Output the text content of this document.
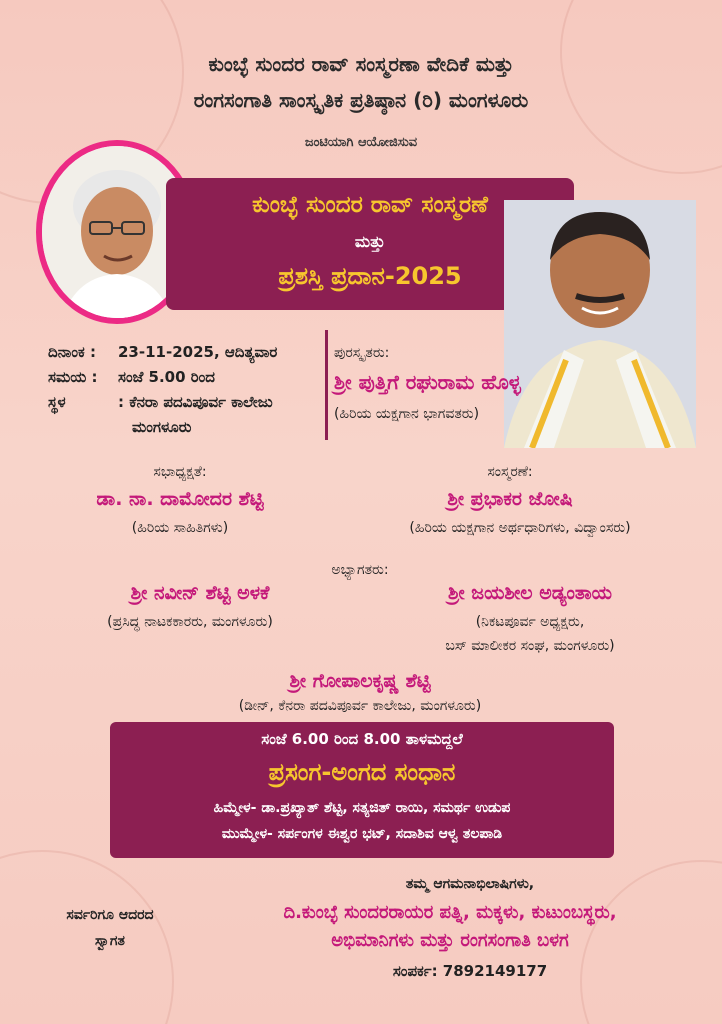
ಕುಂಬ್ಳೆ ಸುಂದರ ರಾವ್ ಸಂಸ್ಮರಣಾ ವೇದಿಕೆ ಮತ್ತು
ರಂಗಸಂಗಾತಿ ಸಾಂಸ್ಕೃತಿಕ ಪ್ರತಿಷ್ಠಾನ (ರಿ) ಮಂಗಳೂರು
ಜಂಟಿಯಾಗಿ ಆಯೋಜಿಸುವ
ಕುಂಬ್ಳೆ ಸುಂದರ ರಾವ್ ಸಂಸ್ಮರಣೆ
ಮತ್ತು
ಪ್ರಶಸ್ತಿ ಪ್ರದಾನ-2025
ದಿನಾಂಕ : 23-11-2025, ಆದಿತ್ಯವಾರ
ಸಮಯ : ಸಂಜೆ 5.00 ರಿಂದ
ಸ್ಥಳ	: ಕೆನರಾ ಪದವಿಪೂರ್ವ ಕಾಲೇಜು
ಮಂಗಳೂರು
ಪುರಸ್ಕೃತರು:
ಶ್ರೀ ಪುತ್ತಿಗೆ ರಘುರಾಮ ಹೊಳ್ಳ
(ಹಿರಿಯ ಯಕ್ಷಗಾನ ಭಾಗವತರು)
ಸಭಾಧ್ಯಕ್ಷತೆ:
ಡಾ. ನಾ. ದಾಮೋದರ ಶೆಟ್ಟಿ
(ಹಿರಿಯ ಸಾಹಿತಿಗಳು)
ಸಂಸ್ಮರಣೆ:
ಶ್ರೀ ಪ್ರಭಾಕರ ಜೋಷಿ
(ಹಿರಿಯ ಯಕ್ಷಗಾನ ಅರ್ಥಧಾರಿಗಳು, ವಿದ್ವಾಂಸರು)
ಅಭ್ಯಾಗತರು:
ಶ್ರೀ ನವೀನ್ ಶೆಟ್ಟಿ ಅಳಕೆ
(ಪ್ರಸಿದ್ಧ ನಾಟಕಕಾರರು, ಮಂಗಳೂರು)
ಶ್ರೀ ಜಯಶೀಲ ಅಡ್ಯಂತಾಯ
(ನಿಕಟಪೂರ್ವ ಅಧ್ಯಕ್ಷರು,
ಬಸ್ ಮಾಲೀಕರ ಸಂಘ, ಮಂಗಳೂರು)
ಶ್ರೀ ಗೋಪಾಲಕೃಷ್ಣ ಶೆಟ್ಟಿ
(ಡೀನ್, ಕೆನರಾ ಪದವಿಪೂರ್ವ ಕಾಲೇಜು, ಮಂಗಳೂರು)
ಸಂಜೆ 6.00 ರಿಂದ 8.00 ತಾಳಮದ್ದಲೆ
ಪ್ರಸಂಗ-ಅಂಗದ ಸಂಧಾನ
ಹಿಮ್ಮೇಳ- ಡಾ.ಪ್ರಖ್ಯಾತ್ ಶೆಟ್ಟಿ, ಸತ್ಯಜಿತ್ ರಾಯಿ, ಸಮರ್ಥ ಉಡುಪ
ಮುಮ್ಮೇಳ- ಸರ್ಪಂಗಳ ಈಶ್ವರ ಭಟ್, ಸದಾಶಿವ ಆಳ್ವ ತಲಪಾಡಿ
ಸರ್ವರಿಗೂ ಆದರದ
ಸ್ವಾಗತ
ತಮ್ಮ ಆಗಮನಾಭಿಲಾಷಿಗಳು,
ದಿ.ಕುಂಬ್ಳೆ ಸುಂದರರಾಯರ ಪತ್ನಿ, ಮಕ್ಕಳು, ಕುಟುಂಬಸ್ಥರು,
ಅಭಿಮಾನಿಗಳು ಮತ್ತು ರಂಗಸಂಗಾತಿ ಬಳಗ
ಸಂಪರ್ಕ: 7892149177
